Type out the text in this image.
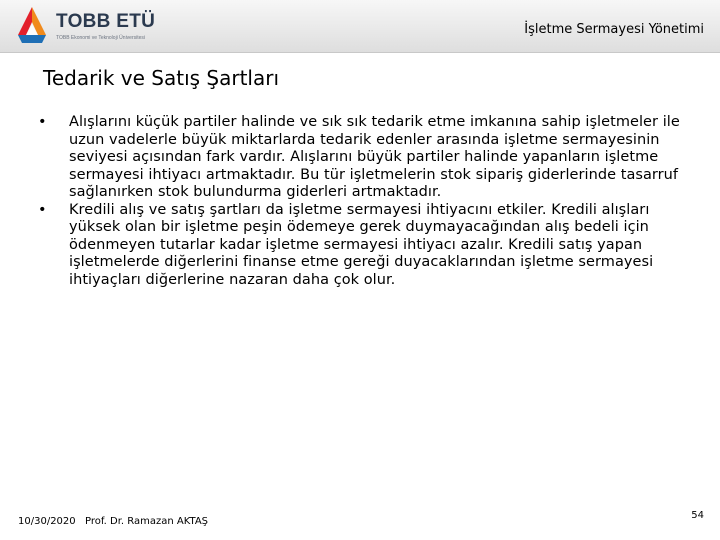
TOBB ETÜ
TOBB Ekonomi ve Teknoloji Üniversitesi
İşletme Sermayesi Yönetimi
Tedarik ve Satış Şartları
• Alışlarını küçük partiler halinde ve sık sık tedarik etme imkanına sahip işletmeler ile uzun vadelerle büyük miktarlarda tedarik edenler arasında işletme sermayesinin seviyesi açısından fark vardır. Alışlarını büyük partiler halinde yapanların işletme sermayesi ihtiyacı artmaktadır. Bu tür işletmelerin stok sipariş giderlerinde tasarruf sağlanırken stok bulundurma giderleri artmaktadır.
• Kredili alış ve satış şartları da işletme sermayesi ihtiyacını etkiler. Kredili alışları yüksek olan bir işletme peşin ödemeye gerek duymayacağından alış bedeli için ödenmeyen tutarlar kadar işletme sermayesi ihtiyacı azalır. Kredili satış yapan işletmelerde diğerlerini finanse etme gereği duyacaklarından işletme sermayesi ihtiyaçları diğerlerine nazaran daha çok olur.
10/30/2020 Prof. Dr. Ramazan AKTAŞ
54
